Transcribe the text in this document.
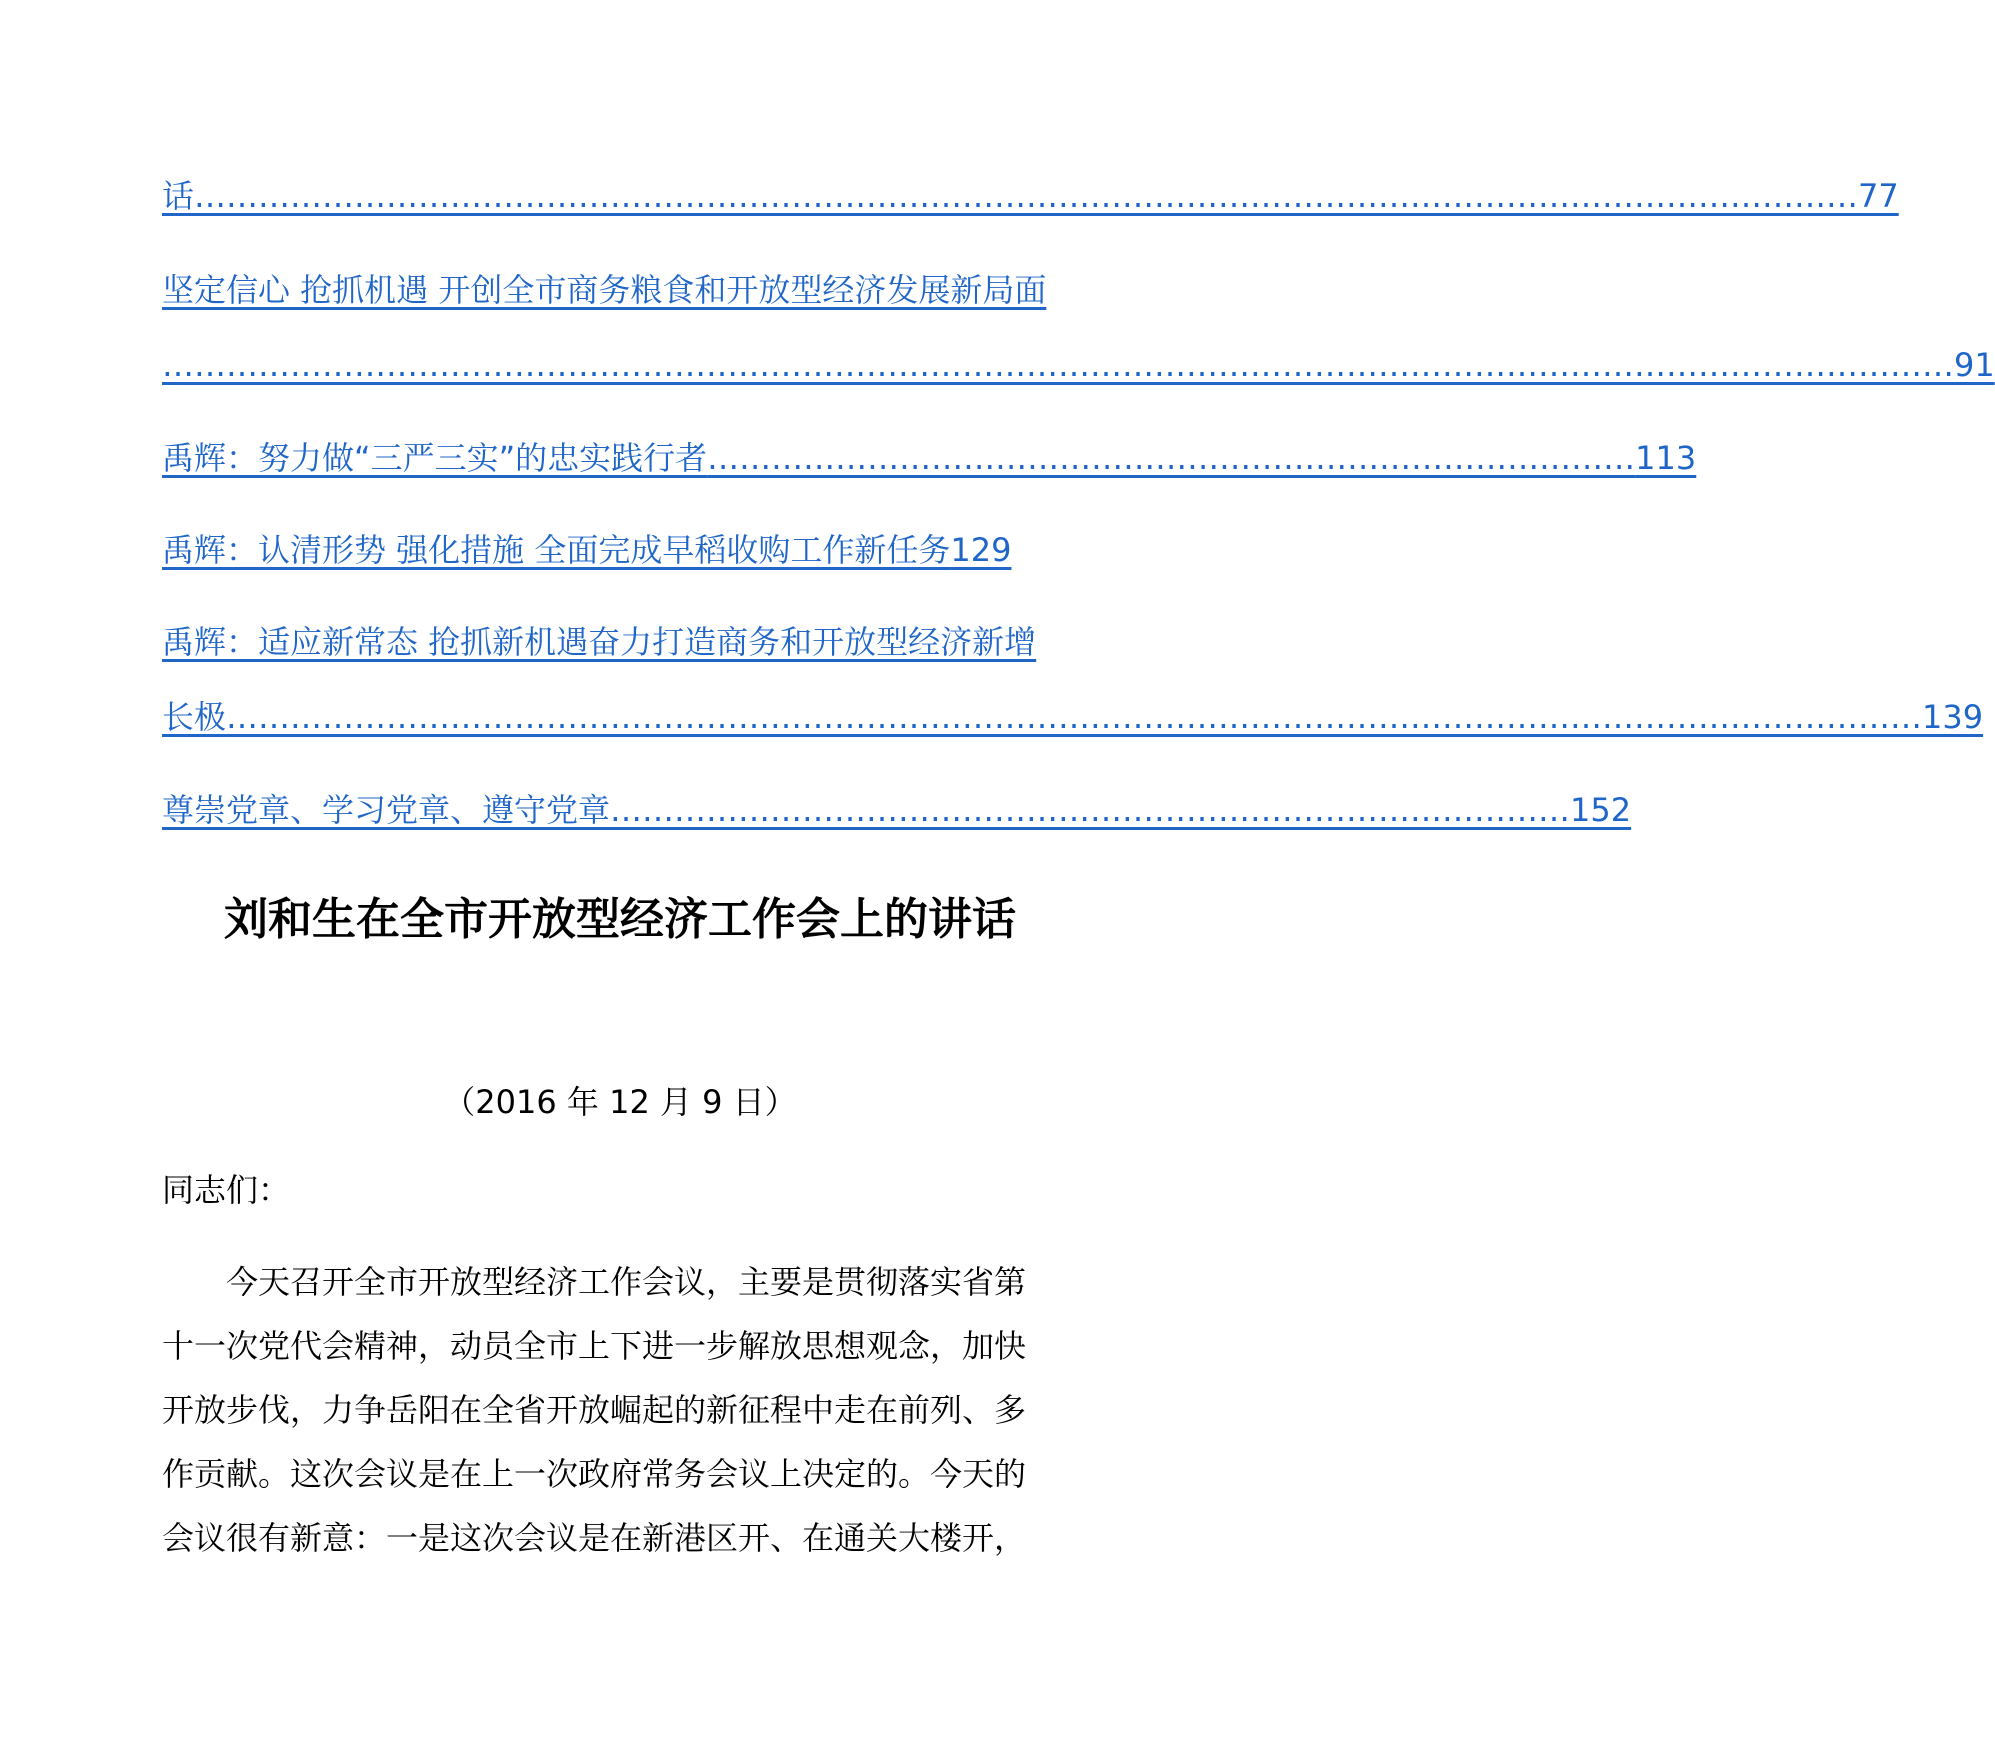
话 ………………………………………………………………………………………………………………………………………… 77
坚定信心 抢抓机遇 开创全市商务粮食和开放型经济发展新局面
…………………………………………………………………………………………………………………………………………………… 91
禹辉：努力做“三严三实”的忠实践行者 …………………………………………………………………………… 113
禹辉：认清形势 强化措施 全面完成早稻收购工作新任务129
禹辉：适应新常态 抢抓新机遇奋力打造商务和开放型经济新增
长极 …………………………………………………………………………………………………………………………………………… 139
尊崇党章、学习党章、遵守党章 ……………………………………………………………………………… 152
刘和生在全市开放型经济工作会上的讲话
（2016 年 12 月 9 日）
同志们：
今天召开全市开放型经济工作会议，主要是贯彻落实省第
十一次党代会精神，动员全市上下进一步解放思想观念，加快
开放步伐，力争岳阳在全省开放崛起的新征程中走在前列、多
作贡献。这次会议是在上一次政府常务会议上决定的。今天的
会议很有新意：一是这次会议是在新港区开、在通关大楼开，
